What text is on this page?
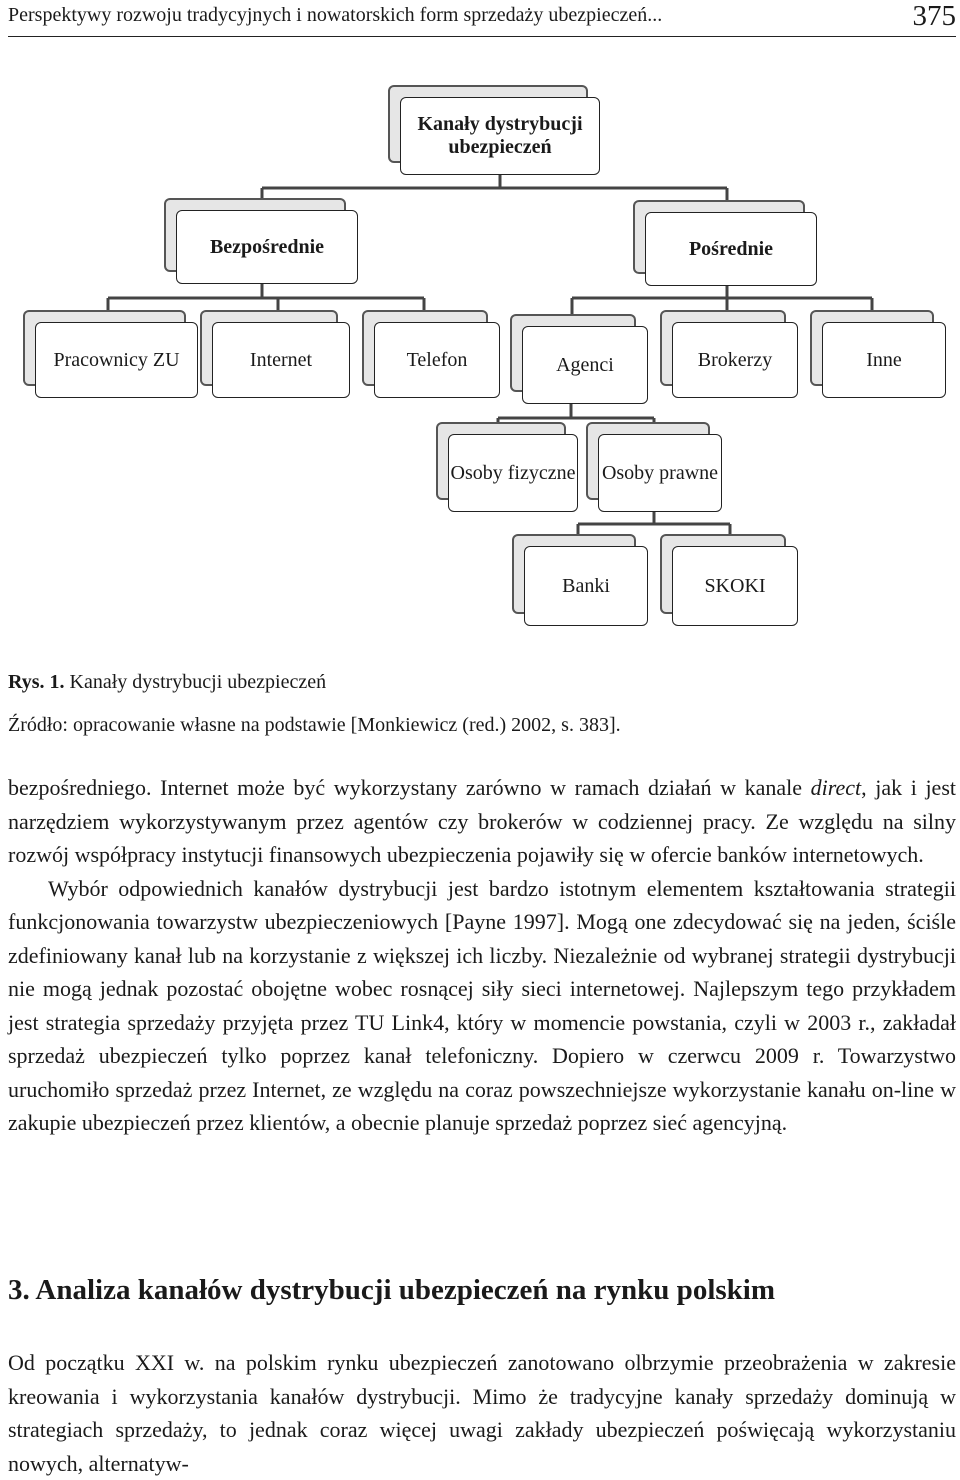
Perspektywy rozwoju tradycyjnych i nowatorskich form sprzedaży ubezpieczeń...	375
Kanały dystrybucji ubezpieczeń
Bezpośrednie	Pośrednie
Pracownicy ZU	Internet	Telefon	Agenci	Brokerzy	Inne
Osoby fizyczne Osoby prawne
Banki	SKOKI
Rys. 1. Kanały dystrybucji ubezpieczeń
Źródło: opracowanie własne na podstawie [Monkiewicz (red.) 2002, s. 383].

bezpośredniego. Internet może być wykorzystany zarówno w ramach działań w kanale direct, jak i jest narzędziem wykorzystywanym przez agentów czy brokerów w codziennej pracy. Ze względu na silny rozwój współpracy instytucji finansowych ubezpieczenia pojawiły się w ofercie banków internetowych.

Wybór odpowiednich kanałów dystrybucji jest bardzo istotnym elementem kształtowania strategii funkcjonowania towarzystw ubezpieczeniowych [Payne 1997]. Mogą one zdecydować się na jeden, ściśle zdefiniowany kanał lub na korzystanie z większej ich liczby. Niezależnie od wybranej strategii dystrybucji nie mogą jednak pozostać obojętne wobec rosnącej siły sieci internetowej. Najlepszym tego przykładem jest strategia sprzedaży przyjęta przez TU Link4, który w momencie powstania, czyli w 2003 r., zakładał sprzedaż ubezpieczeń tylko poprzez kanał telefoniczny. Dopiero w czerwcu 2009 r. Towarzystwo uruchomiło sprzedaż przez Internet, ze względu na coraz powszechniejsze wykorzystanie kanału on-line w zakupie ubezpieczeń przez klientów, a obecnie planuje sprzedaż poprzez sieć agencyjną.

3. Analiza kanałów dystrybucji ubezpieczeń na rynku polskim
Od początku XXI w. na polskim rynku ubezpieczeń zanotowano olbrzymie przeobrażenia w zakresie kreowania i wykorzystania kanałów dystrybucji. Mimo że tradycyjne kanały sprzedaży dominują w strategiach sprzedaży, to jednak coraz więcej uwagi zakłady ubezpieczeń poświęcają wykorzystaniu nowych, alternatyw-
